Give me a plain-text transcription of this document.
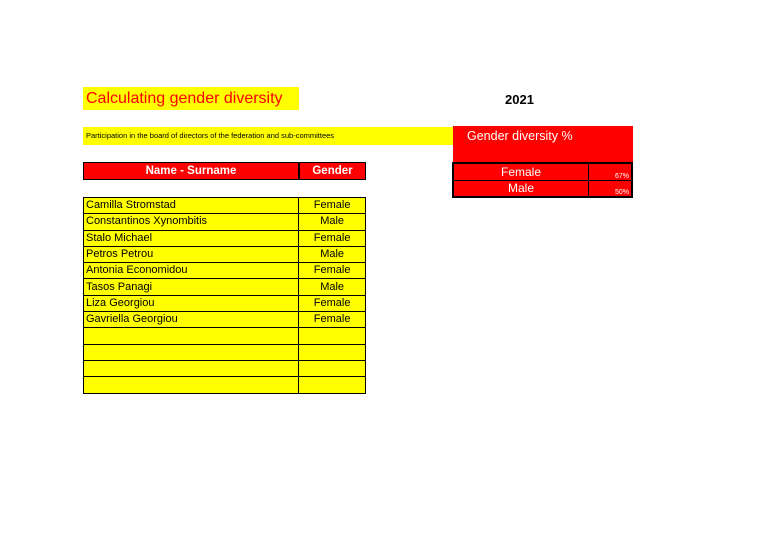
Calculating gender diversity	2021
Participation in the board of directors of the federation and sub-committees	Gender diversity %
Female	67%
Male	50%
Name - Surname	Gender
Camilla Stromstad	Female
Constantinos Xynombitis	Male
Stalo Michael	Female
Petros Petrou	Male
Antonia Economidou	Female
Tasos Panagi	Male
Liza Georgiou	Female
Gavriella Georgiou	Female
